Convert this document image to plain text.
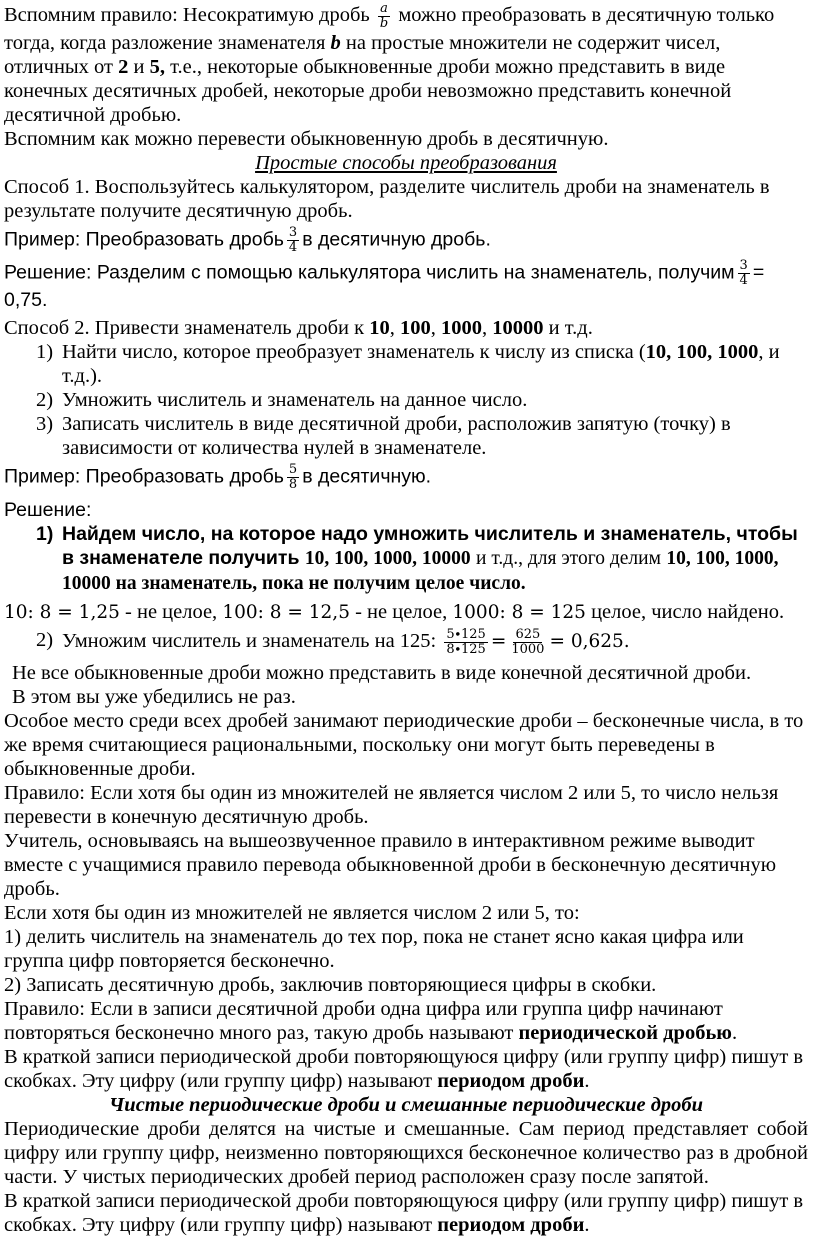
Вспомним правило: Несократимую дробь $\frac{a}{b}$ можно преобразовать в десятичную только тогда, когда разложение знаменателя b на простые множители не содержит чисел, отличных от 2 и 5, т.е., некоторые обыкновенные дроби можно представить в виде конечных десятичных дробей, некоторые дроби невозможно представить конечной десятичной дробью.

Вспомним как можно перевести обыкновенную дробь в десятичную.

Простые способы преобразования

Способ 1. Воспользуйтесь калькулятором, разделите числитель дроби на знаменатель в результате получите десятичную дробь.

Пример: Преобразовать дробь $\frac{3}{4}$ в десятичную дробь.

Решение: Разделим с помощью калькулятора числить на знаменатель, получим $\frac{3}{4} = 0,75$.

Способ 2. Привести знаменатель дроби к 10, 100, 1000, 10000 и т.д.

1) Найти число, которое преобразует знаменатель к числу из списка (10, 100, 1000, и т.д.).
2) Умножить числитель и знаменатель на данное число.
3) Записать числитель в виде десятичной дроби, расположив запятую (точку) в зависимости от количества нулей в знаменателе.

Пример: Преобразовать дробь $\frac{5}{8}$ в десятичную.

Решение:

1) Найдем число, на которое надо умножить числитель и знаменатель, чтобы в знаменателе получить 10, 100, 1000, 10000 и т.д., для этого делим 10, 100, 1000, 10000 на знаменатель, пока не получим целое число.

10: 8 = 1,25 - не целое, 100: 8 = 12,5 - не целое, 1000: 8 = 125 целое, число найдено.

2) Умножим числитель и знаменатель на 125: $\frac{5\cdot 125}{8\cdot 125} = \frac{625}{1000} = 0,625$.

Не все обыкновенные дроби можно представить в виде конечной десятичной дроби.

В этом вы уже убедились не раз.

Особое место среди всех дробей занимают периодические дроби – бесконечные числа, в то же время считающиеся рациональными, поскольку они могут быть переведены в обыкновенные дроби.

Правило: Если хотя бы один из множителей не является числом 2 или 5, то число нельзя перевести в конечную десятичную дробь.

Учитель, основываясь на вышеозвученное правило в интерактивном режиме выводит вместе с учащимися правило перевода обыкновенной дроби в бесконечную десятичную дробь.

Если хотя бы один из множителей не является числом 2 или 5, то:

1) делить числитель на знаменатель до тех пор, пока не станет ясно какая цифра или группа цифр повторяется бесконечно.

2) Записать десятичную дробь, заключив повторяющиеся цифры в скобки.

Правило: Если в записи десятичной дроби одна цифра или группа цифр начинают повторяться бесконечно много раз, такую дробь называют периодической дробью.

В краткой записи периодической дроби повторяющуюся цифру (или группу цифр) пишут в скобках. Эту цифру (или группу цифр) называют периодом дроби.

Чистые периодические дроби и смешанные периодические дроби

Периодические дроби делятся на чистые и смешанные. Сам период представляет собой цифру или группу цифр, неизменно повторяющихся бесконечное количество раз в дробной части. У чистых периодических дробей период расположен сразу после запятой.

В краткой записи периодической дроби повторяющуюся цифру (или группу цифр) пишут в скобках. Эту цифру (или группу цифр) называют периодом дроби.
